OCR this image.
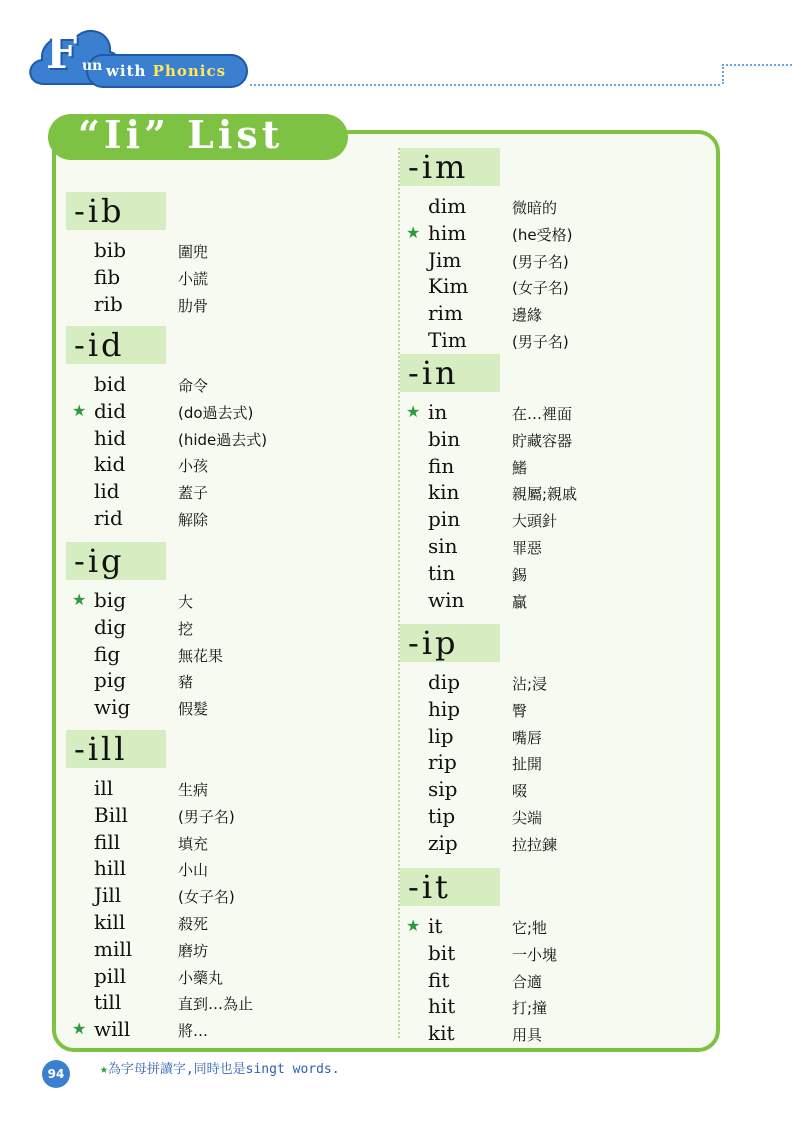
F un with Phonics
“Ii” List
-ib
bib	圍兜
fib	小謊
rib	肋骨
-id
bid	命令
★ did	(do過去式)
hid	(hide過去式)
kid	小孩
lid	蓋子
rid	解除
-ig
★ big	大
dig	挖
fig	無花果
pig	豬
wig	假髮
-ill
ill	生病
Bill	(男子名)
fill	填充
hill	小山
Jill	(女子名)
kill	殺死
mill	磨坊
pill	小藥丸
till	直到…為止
★ will	將…
-im
dim	微暗的
★ him	(he受格)
Jim	(男子名)
Kim	(女子名)
rim	邊緣
Tim	(男子名)
-in
★ in	在…裡面
bin	貯藏容器
fin	鰭
kin	親屬;親戚
pin	大頭針
sin	罪惡
tin	錫
win	贏
-ip
dip	沾;浸
hip	臀
lip	嘴唇
rip	扯開
sip	啜
tip	尖端
zip	拉拉鍊
-it
★ it	它;牠
bit	一小塊
fit	合適
hit	打;撞
kit	用具
94	★為字母拼讀字,同時也是singt words.
